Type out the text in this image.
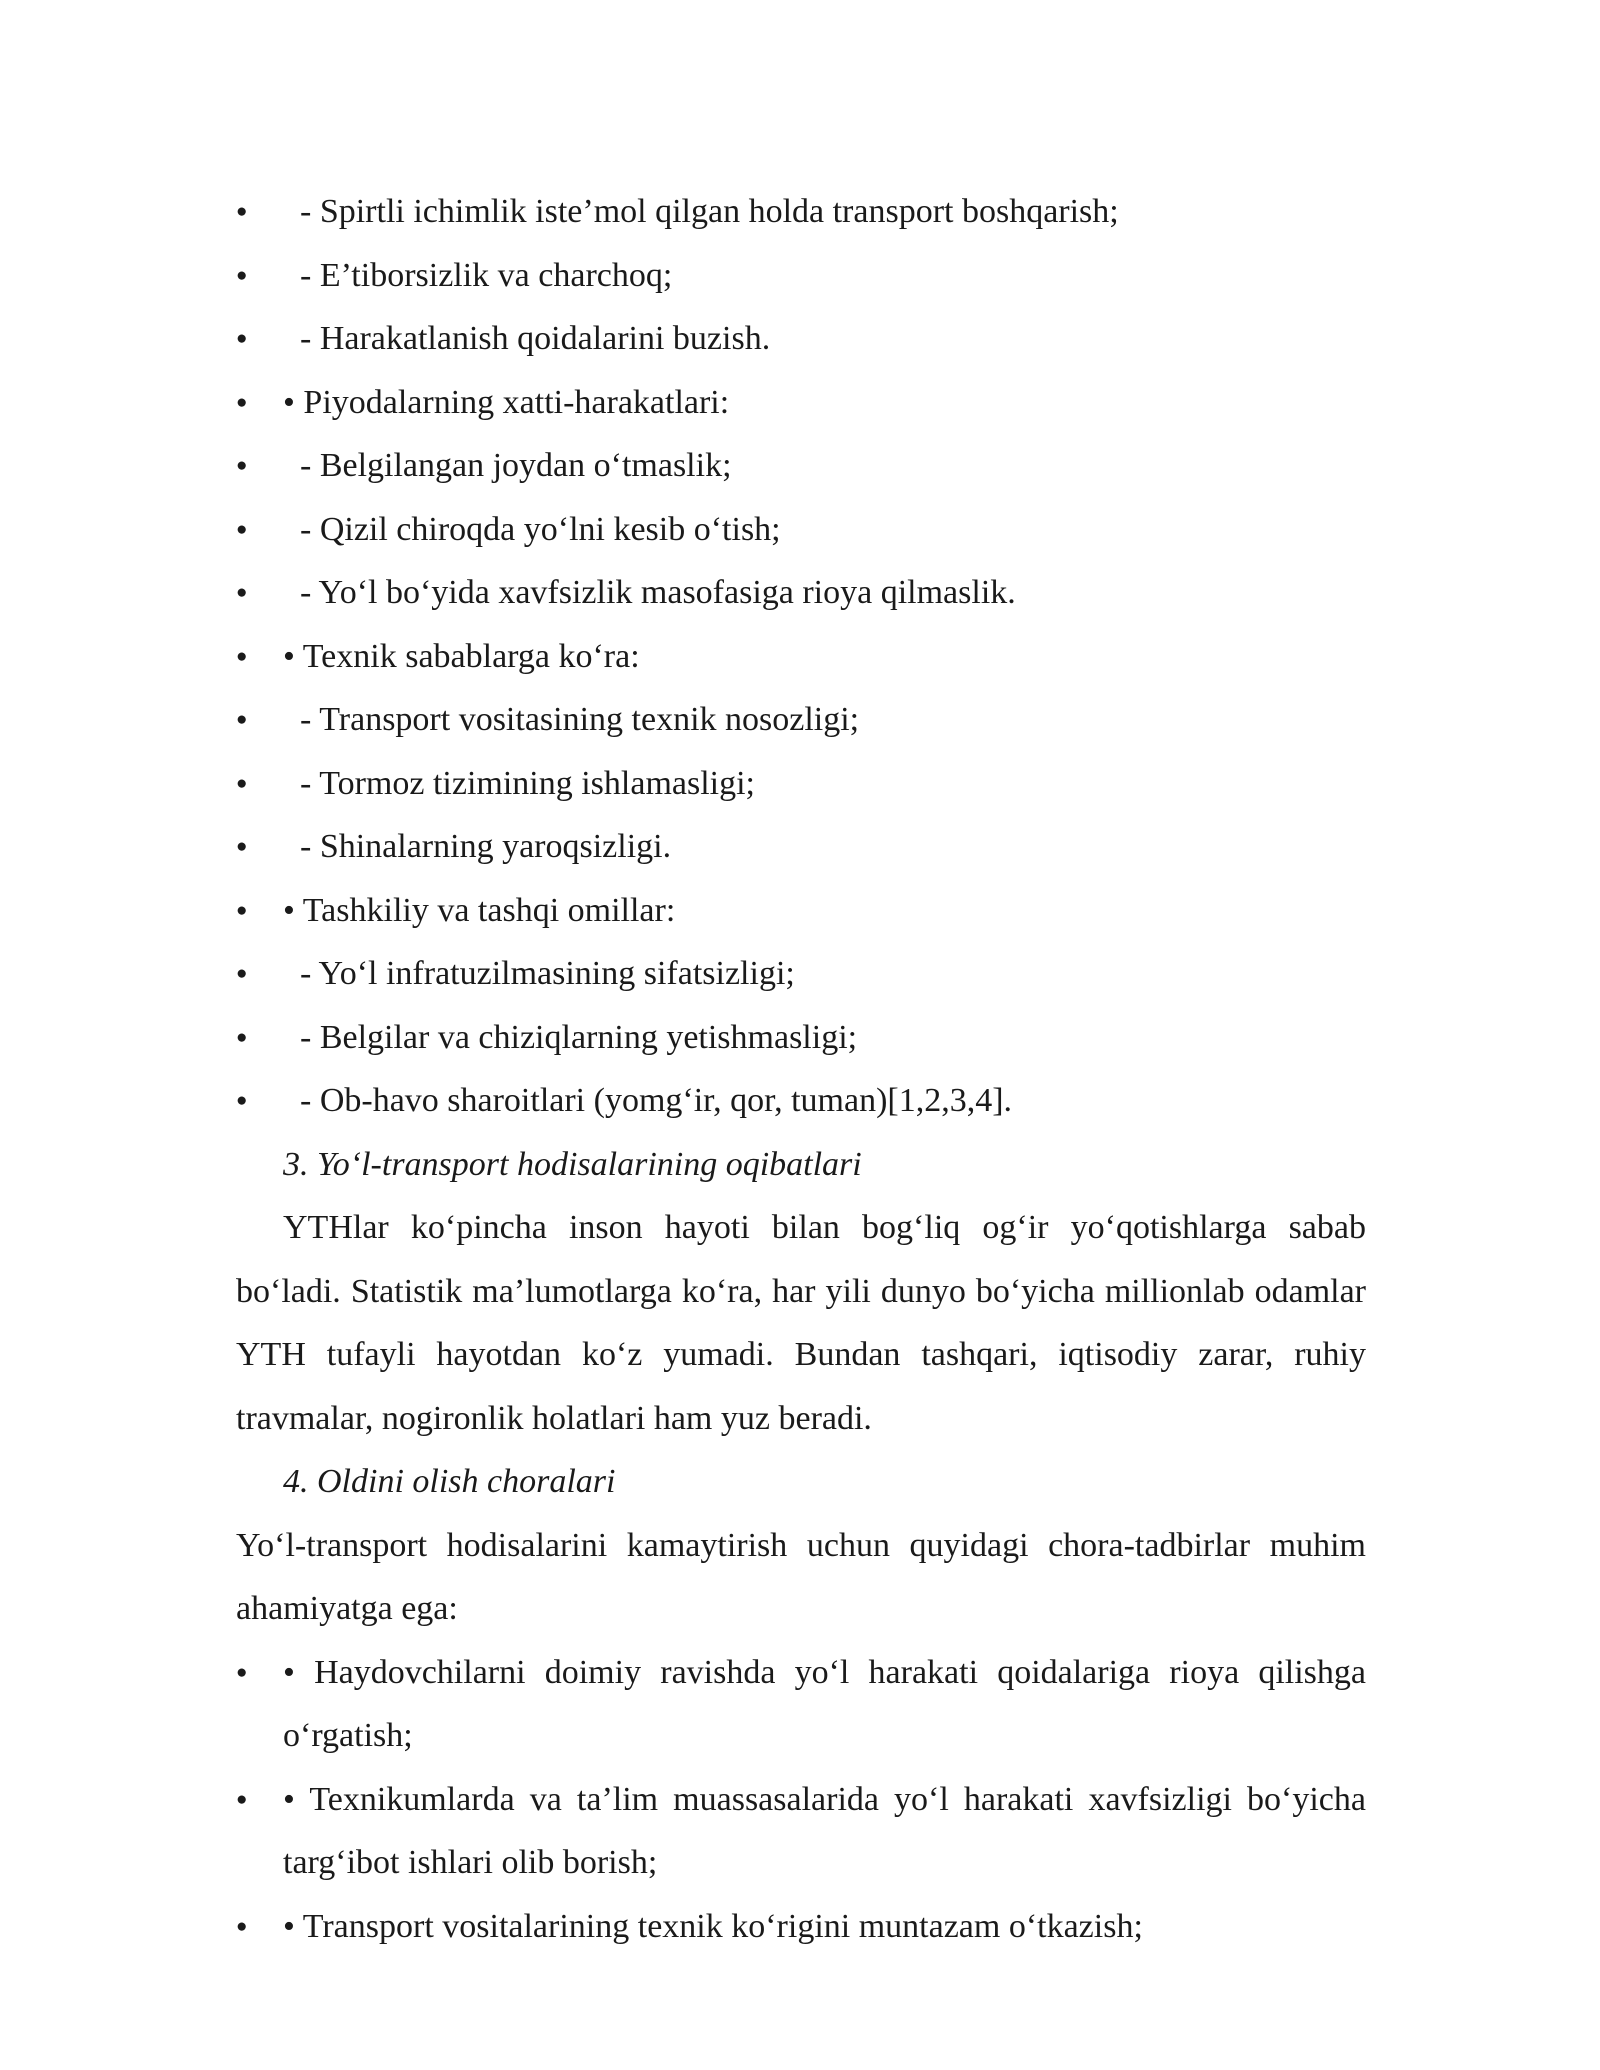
●   - Spirtli ichimlik iste’mol qilgan holda transport boshqarish;
●   - E’tiborsizlik va charchoq;
●   - Harakatlanish qoidalarini buzish.
● • Piyodalarning xatti-harakatlari:
●   - Belgilangan joydan o‘tmaslik;
●   - Qizil chiroqda yo‘lni kesib o‘tish;
●   - Yo‘l bo‘yida xavfsizlik masofasiga rioya qilmaslik.
● • Texnik sabablarga ko‘ra:
●   - Transport vositasining texnik nosozligi;
●   - Tormoz tizimining ishlamasligi;
●   - Shinalarning yaroqsizligi.
● • Tashkiliy va tashqi omillar:
●   - Yo‘l infratuzilmasining sifatsizligi;
●   - Belgilar va chiziqlarning yetishmasligi;
●   - Ob-havo sharoitlari (yomg‘ir, qor, tuman)[1,2,3,4].
3. Yo‘l-transport hodisalarining oqibatlari
YTHlar ko‘pincha inson hayoti bilan bog‘liq og‘ir yo‘qotishlarga sabab bo‘ladi. Statistik ma’lumotlarga ko‘ra, har yili dunyo bo‘yicha millionlab odamlar YTH tufayli hayotdan ko‘z yumadi. Bundan tashqari, iqtisodiy zarar, ruhiy travmalar, nogironlik holatlari ham yuz beradi.
4. Oldini olish choralari
Yo‘l-transport hodisalarini kamaytirish uchun quyidagi chora-tadbirlar muhim ahamiyatga ega:
● • Haydovchilarni doimiy ravishda yo‘l harakati qoidalariga rioya qilishga o‘rgatish;
● • Texnikumlarda va ta’lim muassasalarida yo‘l harakati xavfsizligi bo‘yicha targ‘ibot ishlari olib borish;
● • Transport vositalarining texnik ko‘rigini muntazam o‘tkazish;
